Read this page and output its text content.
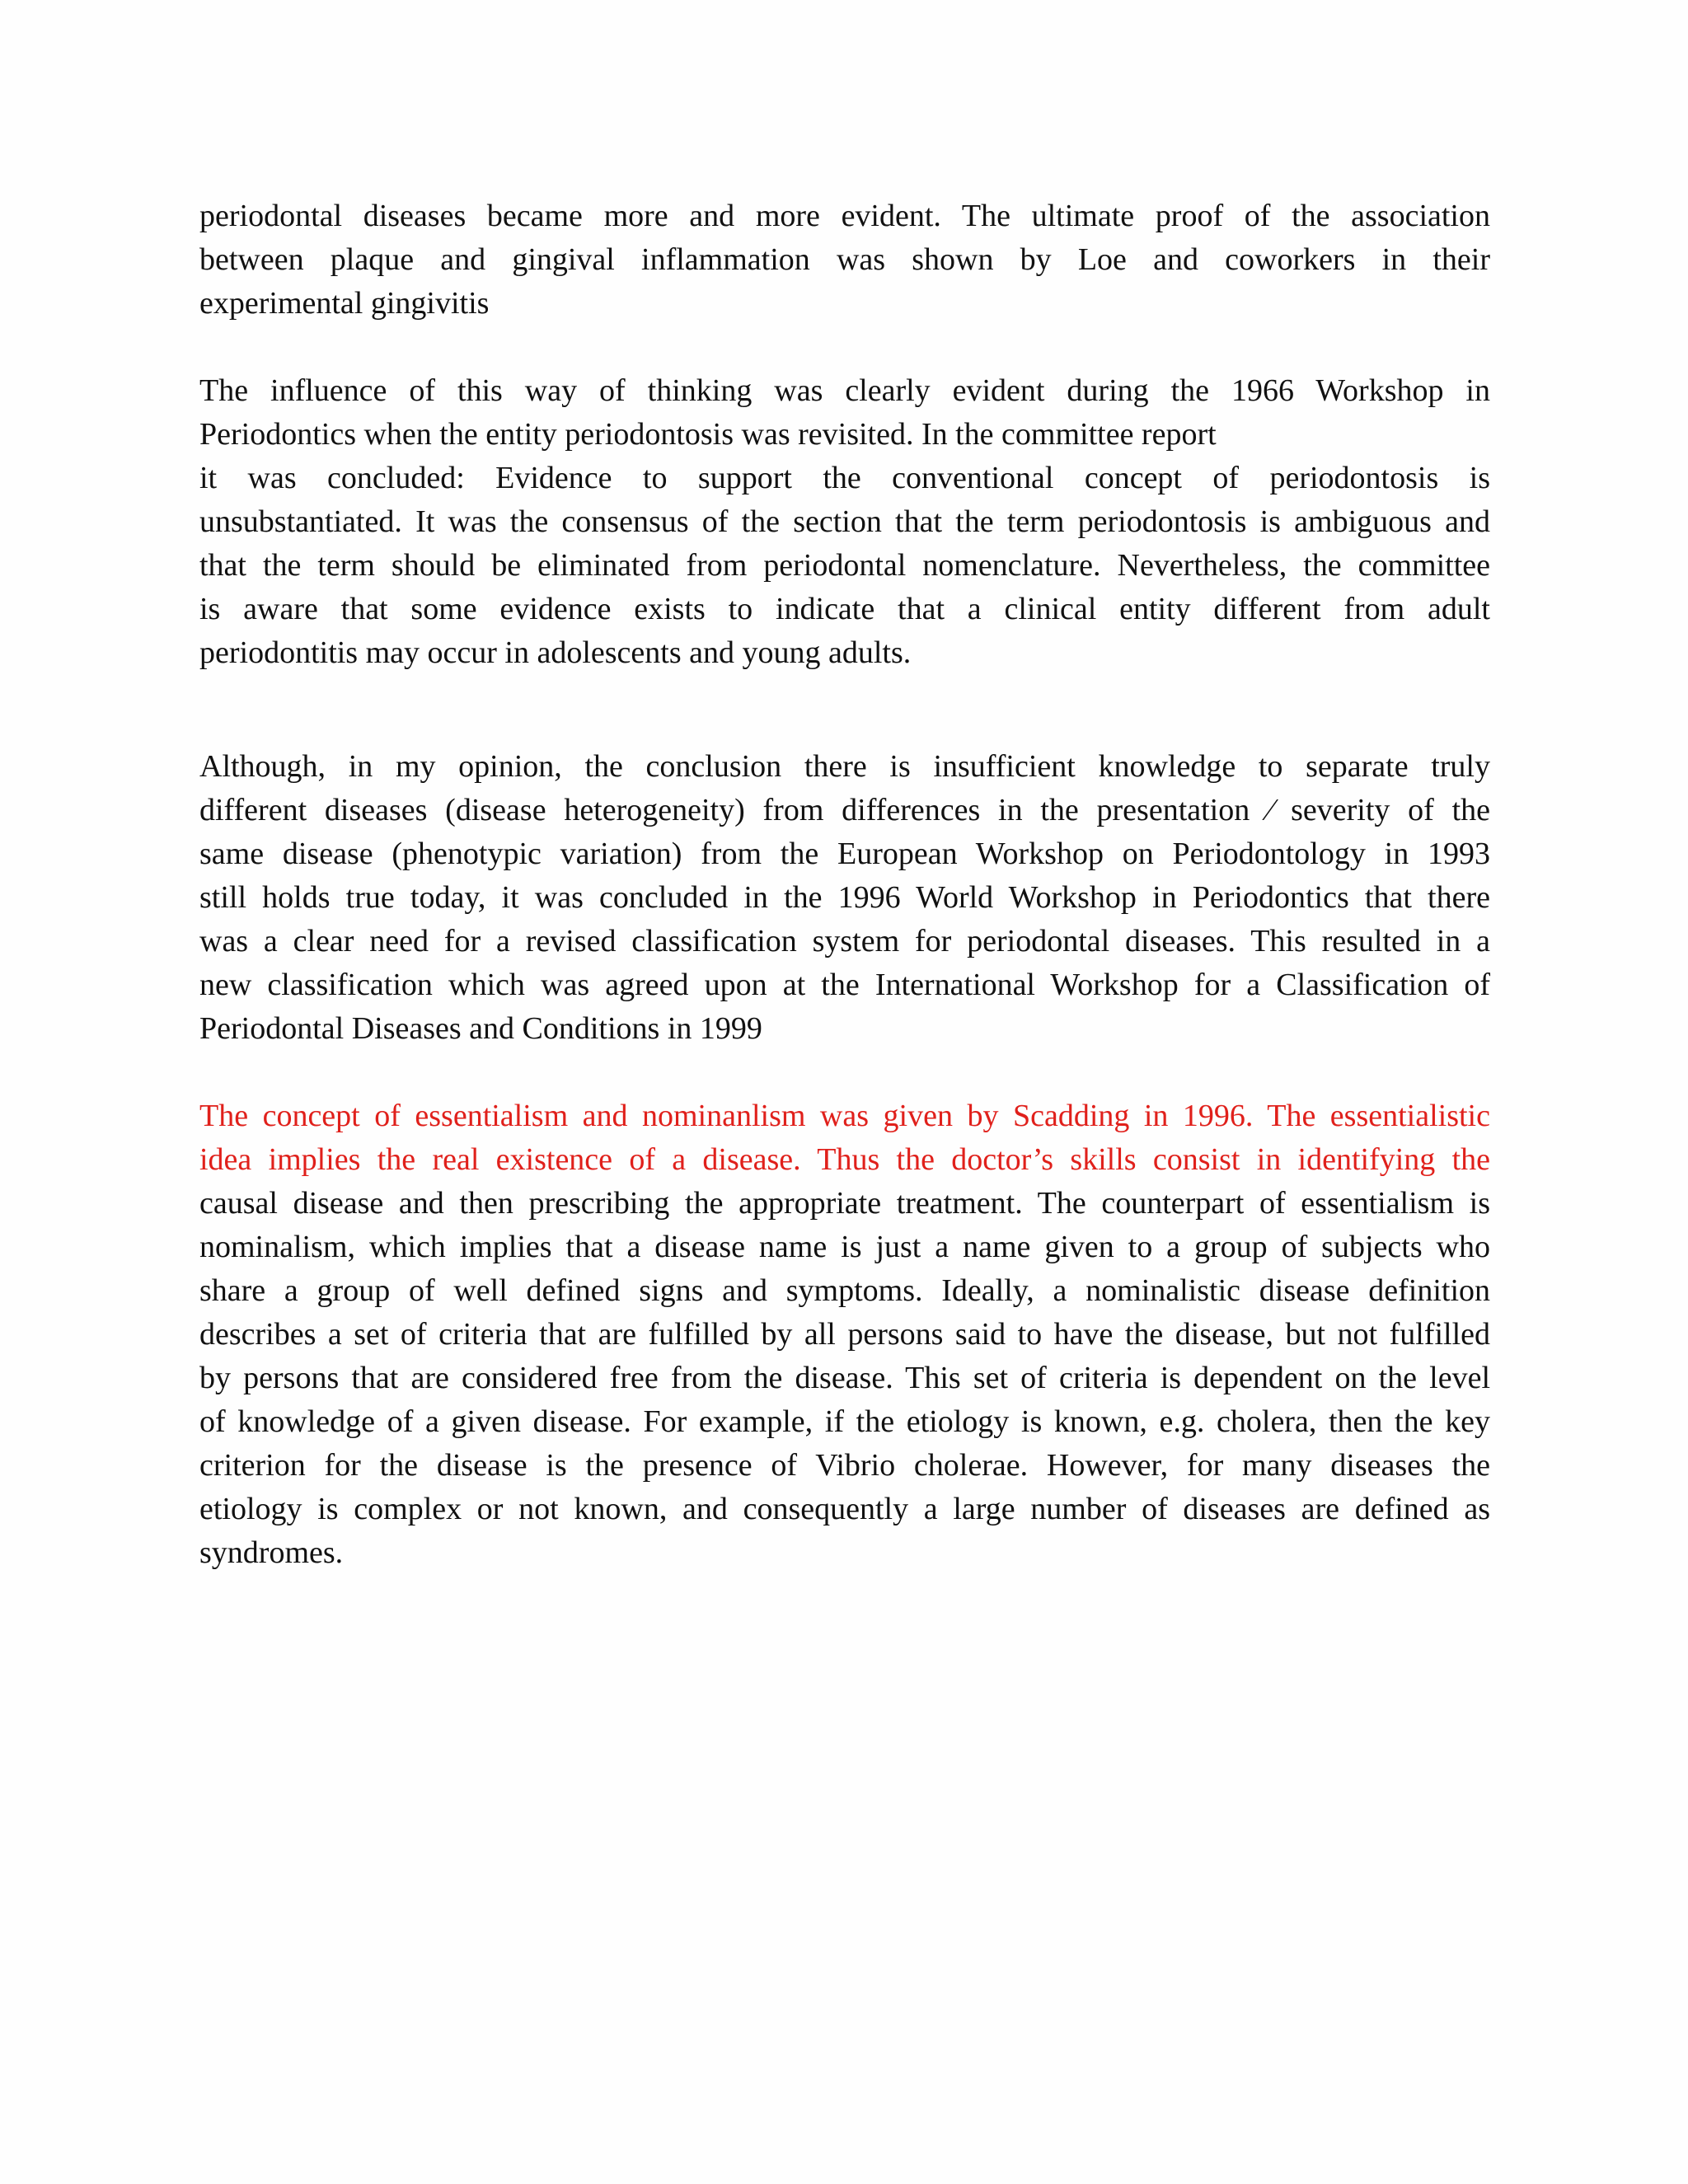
periodontal diseases became more and more evident. The ultimate proof of the association
between plaque and gingival inflammation was shown by Loe and coworkers in their
experimental gingivitis
The influence of this way of thinking was clearly evident during the 1966 Workshop in
Periodontics when the entity periodontosis was revisited. In the committee report
it was concluded: Evidence to support the conventional concept of periodontosis is
unsubstantiated. It was the consensus of the section that the term periodontosis is ambiguous and
that the term should be eliminated from periodontal nomenclature. Nevertheless, the committee
is aware that some evidence exists to indicate that a clinical entity different from adult
periodontitis may occur in adolescents and young adults.
Although, in my opinion, the conclusion there is insufficient knowledge to separate truly
different diseases (disease heterogeneity) from differences in the presentation ⁄ severity of the
same disease (phenotypic variation) from the European Workshop on Periodontology in 1993
still holds true today, it was concluded in the 1996 World Workshop in Periodontics that there
was a clear need for a revised classification system for periodontal diseases. This resulted in a
new classification which was agreed upon at the International Workshop for a Classification of
Periodontal Diseases and Conditions in 1999
The concept of essentialism and nominanlism was given by Scadding in 1996. The essentialistic
idea implies the real existence of a disease. Thus the doctor’s skills consist in identifying the
causal disease and then prescribing the appropriate treatment. The counterpart of essentialism is
nominalism, which implies that a disease name is just a name given to a group of subjects who
share a group of well defined signs and symptoms. Ideally, a nominalistic disease definition
describes a set of criteria that are fulfilled by all persons said to have the disease, but not fulfilled
by persons that are considered free from the disease. This set of criteria is dependent on the level
of knowledge of a given disease. For example, if the etiology is known, e.g. cholera, then the key
criterion for the disease is the presence of Vibrio cholerae. However, for many diseases the
etiology is complex or not known, and consequently a large number of diseases are defined as
syndromes.
